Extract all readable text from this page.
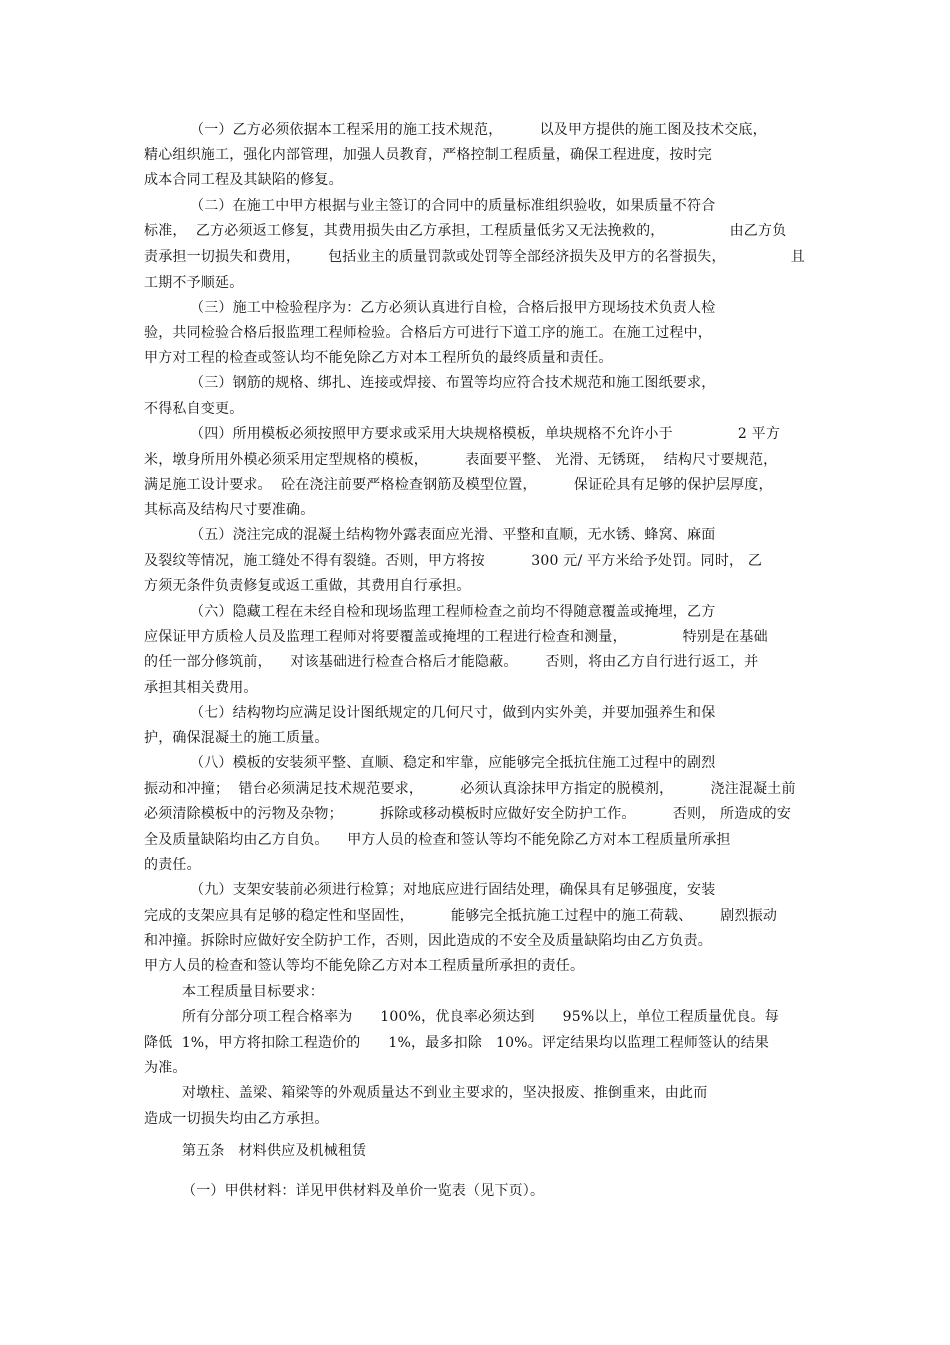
（一）乙方必须依据本工程采用的施工技术规范，        以及甲方提供的施工图及技术交底，
精心组织施工，强化内部管理，加强人员教育，严格控制工程质量，确保工程进度，按时完
成本合同工程及其缺陷的修复。
（二）在施工中甲方根据与业主签订的合同中的质量标准组织验收，如果质量不符合
标准，  乙方必须返工修复，其费用损失由乙方承担，工程质量低劣又无法挽救的，              由乙方负
责承担一切损失和费用，      包括业主的质量罚款或处罚等全部经济损失及甲方的名誉损失，              且
工期不予顺延。
（三）施工中检验程序为：乙方必须认真进行自检，合格后报甲方现场技术负责人检
验，共同检验合格后报监理工程师检验。合格后方可进行下道工序的施工。在施工过程中，
甲方对工程的检查或签认均不能免除乙方对本工程所负的最终质量和责任。
（三）钢筋的规格、绑扎、连接或焊接、布置等均应符合技术规范和施工图纸要求，
不得私自变更。
（四）所用模板必须按照甲方要求或采用大块规格模板，单块规格不允许小于              2 平方
米，墩身所用外模必须采用定型规格的模板，        表面要平整、 光滑、无锈斑，  结构尺寸要规范，
满足施工设计要求。  砼在浇注前要严格检查钢筋及模型位置，        保证砼具有足够的保护层厚度，
其标高及结构尺寸要准确。
（五）浇注完成的混凝土结构物外露表面应光滑、平整和直顺，无水锈、蜂窝、麻面
及裂纹等情况，施工缝处不得有裂缝。否则，甲方将按          300 元/ 平方米给予处罚。同时， 乙
方须无条件负责修复或返工重做，其费用自行承担。
（六）隐藏工程在未经自检和现场监理工程师检查之前均不得随意覆盖或掩埋，乙方
应保证甲方质检人员及监理工程师对将要覆盖或掩埋的工程进行检查和测量，            特别是在基础
的任一部分修筑前，    对该基础进行检查合格后才能隐蔽。      否则，将由乙方自行进行返工，并
承担其相关费用。
（七）结构物均应满足设计图纸规定的几何尺寸，做到内实外美，并要加强养生和保
护，确保混凝土的施工质量。
（八）模板的安装须平整、直顺、稳定和牢靠，应能够完全抵抗住施工过程中的剧烈
振动和冲撞；  错台必须满足技术规范要求，        必须认真涂抹甲方指定的脱模剂，        浇注混凝土前
必须清除模板中的污物及杂物；        拆除或移动模板时应做好安全防护工作。        否则， 所造成的安
全及质量缺陷均由乙方自负。    甲方人员的检查和签认等均不能免除乙方对本工程质量所承担
的责任。
（九）支架安装前必须进行检算；对地底应进行固结处理，确保具有足够强度，安装
完成的支架应具有足够的稳定性和坚固性，        能够完全抵抗施工过程中的施工荷载、      剧烈振动
和冲撞。拆除时应做好安全防护工作，否则，因此造成的不安全及质量缺陷均由乙方负责。
甲方人员的检查和签认等均不能免除乙方对本工程质量所承担的责任。
本工程质量目标要求：
所有分部分项工程合格率为      100%，优良率必须达到      95%以上，单位工程质量优良。每
降低  1%，甲方将扣除工程造价的      1%，最多扣除   10%。评定结果均以监理工程师签认的结果
为准。
对墩柱、盖梁、箱梁等的外观质量达不到业主要求的，坚决报废、推倒重来，由此而
造成一切损失均由乙方承担。
第五条   材料供应及机械租赁
（一）甲供材料：详见甲供材料及单价一览表（见下页）。
